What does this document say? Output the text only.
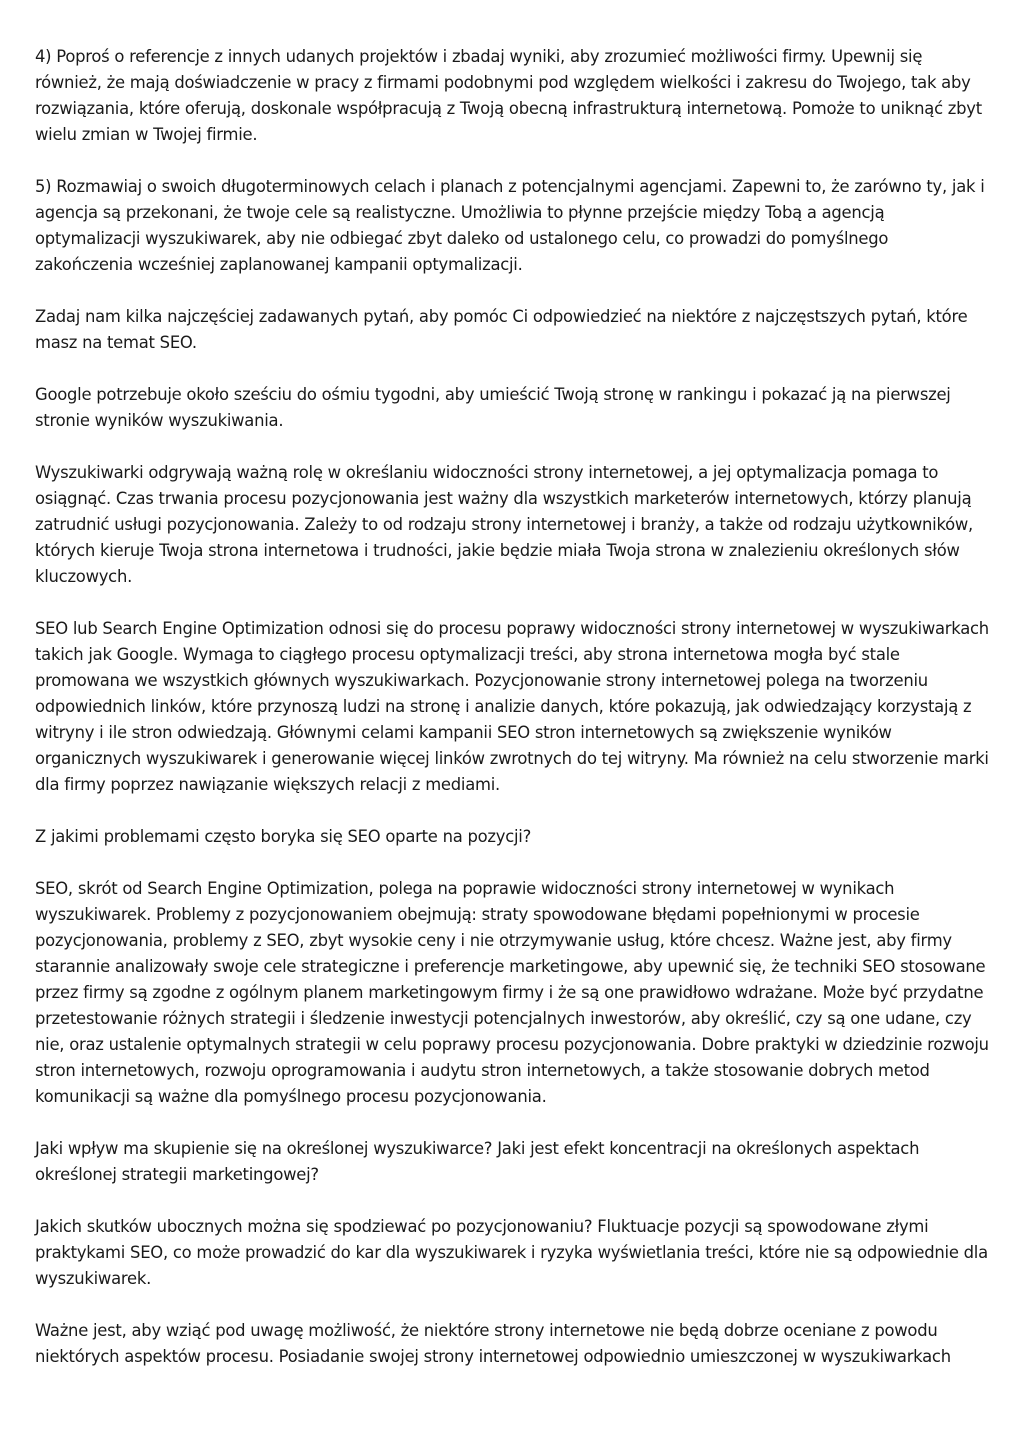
4) Poproś o referencje z innych udanych projektów i zbadaj wyniki, aby zrozumieć możliwości firmy. Upewnij się również, że mają doświadczenie w pracy z firmami podobnymi pod względem wielkości i zakresu do Twojego, tak aby rozwiązania, które oferują, doskonale współpracują z Twoją obecną infrastrukturą internetową. Pomoże to uniknąć zbyt wielu zmian w Twojej firmie.

5) Rozmawiaj o swoich długoterminowych celach i planach z potencjalnymi agencjami. Zapewni to, że zarówno ty, jak i agencja są przekonani, że twoje cele są realistyczne. Umożliwia to płynne przejście między Tobą a agencją optymalizacji wyszukiwarek, aby nie odbiegać zbyt daleko od ustalonego celu, co prowadzi do pomyślnego zakończenia wcześniej zaplanowanej kampanii optymalizacji.

Zadaj nam kilka najczęściej zadawanych pytań, aby pomóc Ci odpowiedzieć na niektóre z najczęstszych pytań, które masz na temat SEO.

Google potrzebuje około sześciu do ośmiu tygodni, aby umieścić Twoją stronę w rankingu i pokazać ją na pierwszej stronie wyników wyszukiwania.

Wyszukiwarki odgrywają ważną rolę w określaniu widoczności strony internetowej, a jej optymalizacja pomaga to osiągnąć. Czas trwania procesu pozycjonowania jest ważny dla wszystkich marketerów internetowych, którzy planują zatrudnić usługi pozycjonowania. Zależy to od rodzaju strony internetowej i branży, a także od rodzaju użytkowników, których kieruje Twoja strona internetowa i trudności, jakie będzie miała Twoja strona w znalezieniu określonych słów kluczowych.

SEO lub Search Engine Optimization odnosi się do procesu poprawy widoczności strony internetowej w wyszukiwarkach takich jak Google. Wymaga to ciągłego procesu optymalizacji treści, aby strona internetowa mogła być stale promowana we wszystkich głównych wyszukiwarkach. Pozycjonowanie strony internetowej polega na tworzeniu odpowiednich linków, które przynoszą ludzi na stronę i analizie danych, które pokazują, jak odwiedzający korzystają z witryny i ile stron odwiedzają. Głównymi celami kampanii SEO stron internetowych są zwiększenie wyników organicznych wyszukiwarek i generowanie więcej linków zwrotnych do tej witryny. Ma również na celu stworzenie marki dla firmy poprzez nawiązanie większych relacji z mediami.

Z jakimi problemami często boryka się SEO oparte na pozycji?

SEO, skrót od Search Engine Optimization, polega na poprawie widoczności strony internetowej w wynikach wyszukiwarek. Problemy z pozycjonowaniem obejmują: straty spowodowane błędami popełnionymi w procesie pozycjonowania, problemy z SEO, zbyt wysokie ceny i nie otrzymywanie usług, które chcesz. Ważne jest, aby firmy starannie analizowały swoje cele strategiczne i preferencje marketingowe, aby upewnić się, że techniki SEO stosowane przez firmy są zgodne z ogólnym planem marketingowym firmy i że są one prawidłowo wdrażane. Może być przydatne przetestowanie różnych strategii i śledzenie inwestycji potencjalnych inwestorów, aby określić, czy są one udane, czy nie, oraz ustalenie optymalnych strategii w celu poprawy procesu pozycjonowania. Dobre praktyki w dziedzinie rozwoju stron internetowych, rozwoju oprogramowania i audytu stron internetowych, a także stosowanie dobrych metod komunikacji są ważne dla pomyślnego procesu pozycjonowania.

Jaki wpływ ma skupienie się na określonej wyszukiwarce? Jaki jest efekt koncentracji na określonych aspektach określonej strategii marketingowej?

Jakich skutków ubocznych można się spodziewać po pozycjonowaniu? Fluktuacje pozycji są spowodowane złymi praktykami SEO, co może prowadzić do kar dla wyszukiwarek i ryzyka wyświetlania treści, które nie są odpowiednie dla wyszukiwarek.

Ważne jest, aby wziąć pod uwagę możliwość, że niektóre strony internetowe nie będą dobrze oceniane z powodu niektórych aspektów procesu. Posiadanie swojej strony internetowej odpowiednio umieszczonej w wyszukiwarkach
